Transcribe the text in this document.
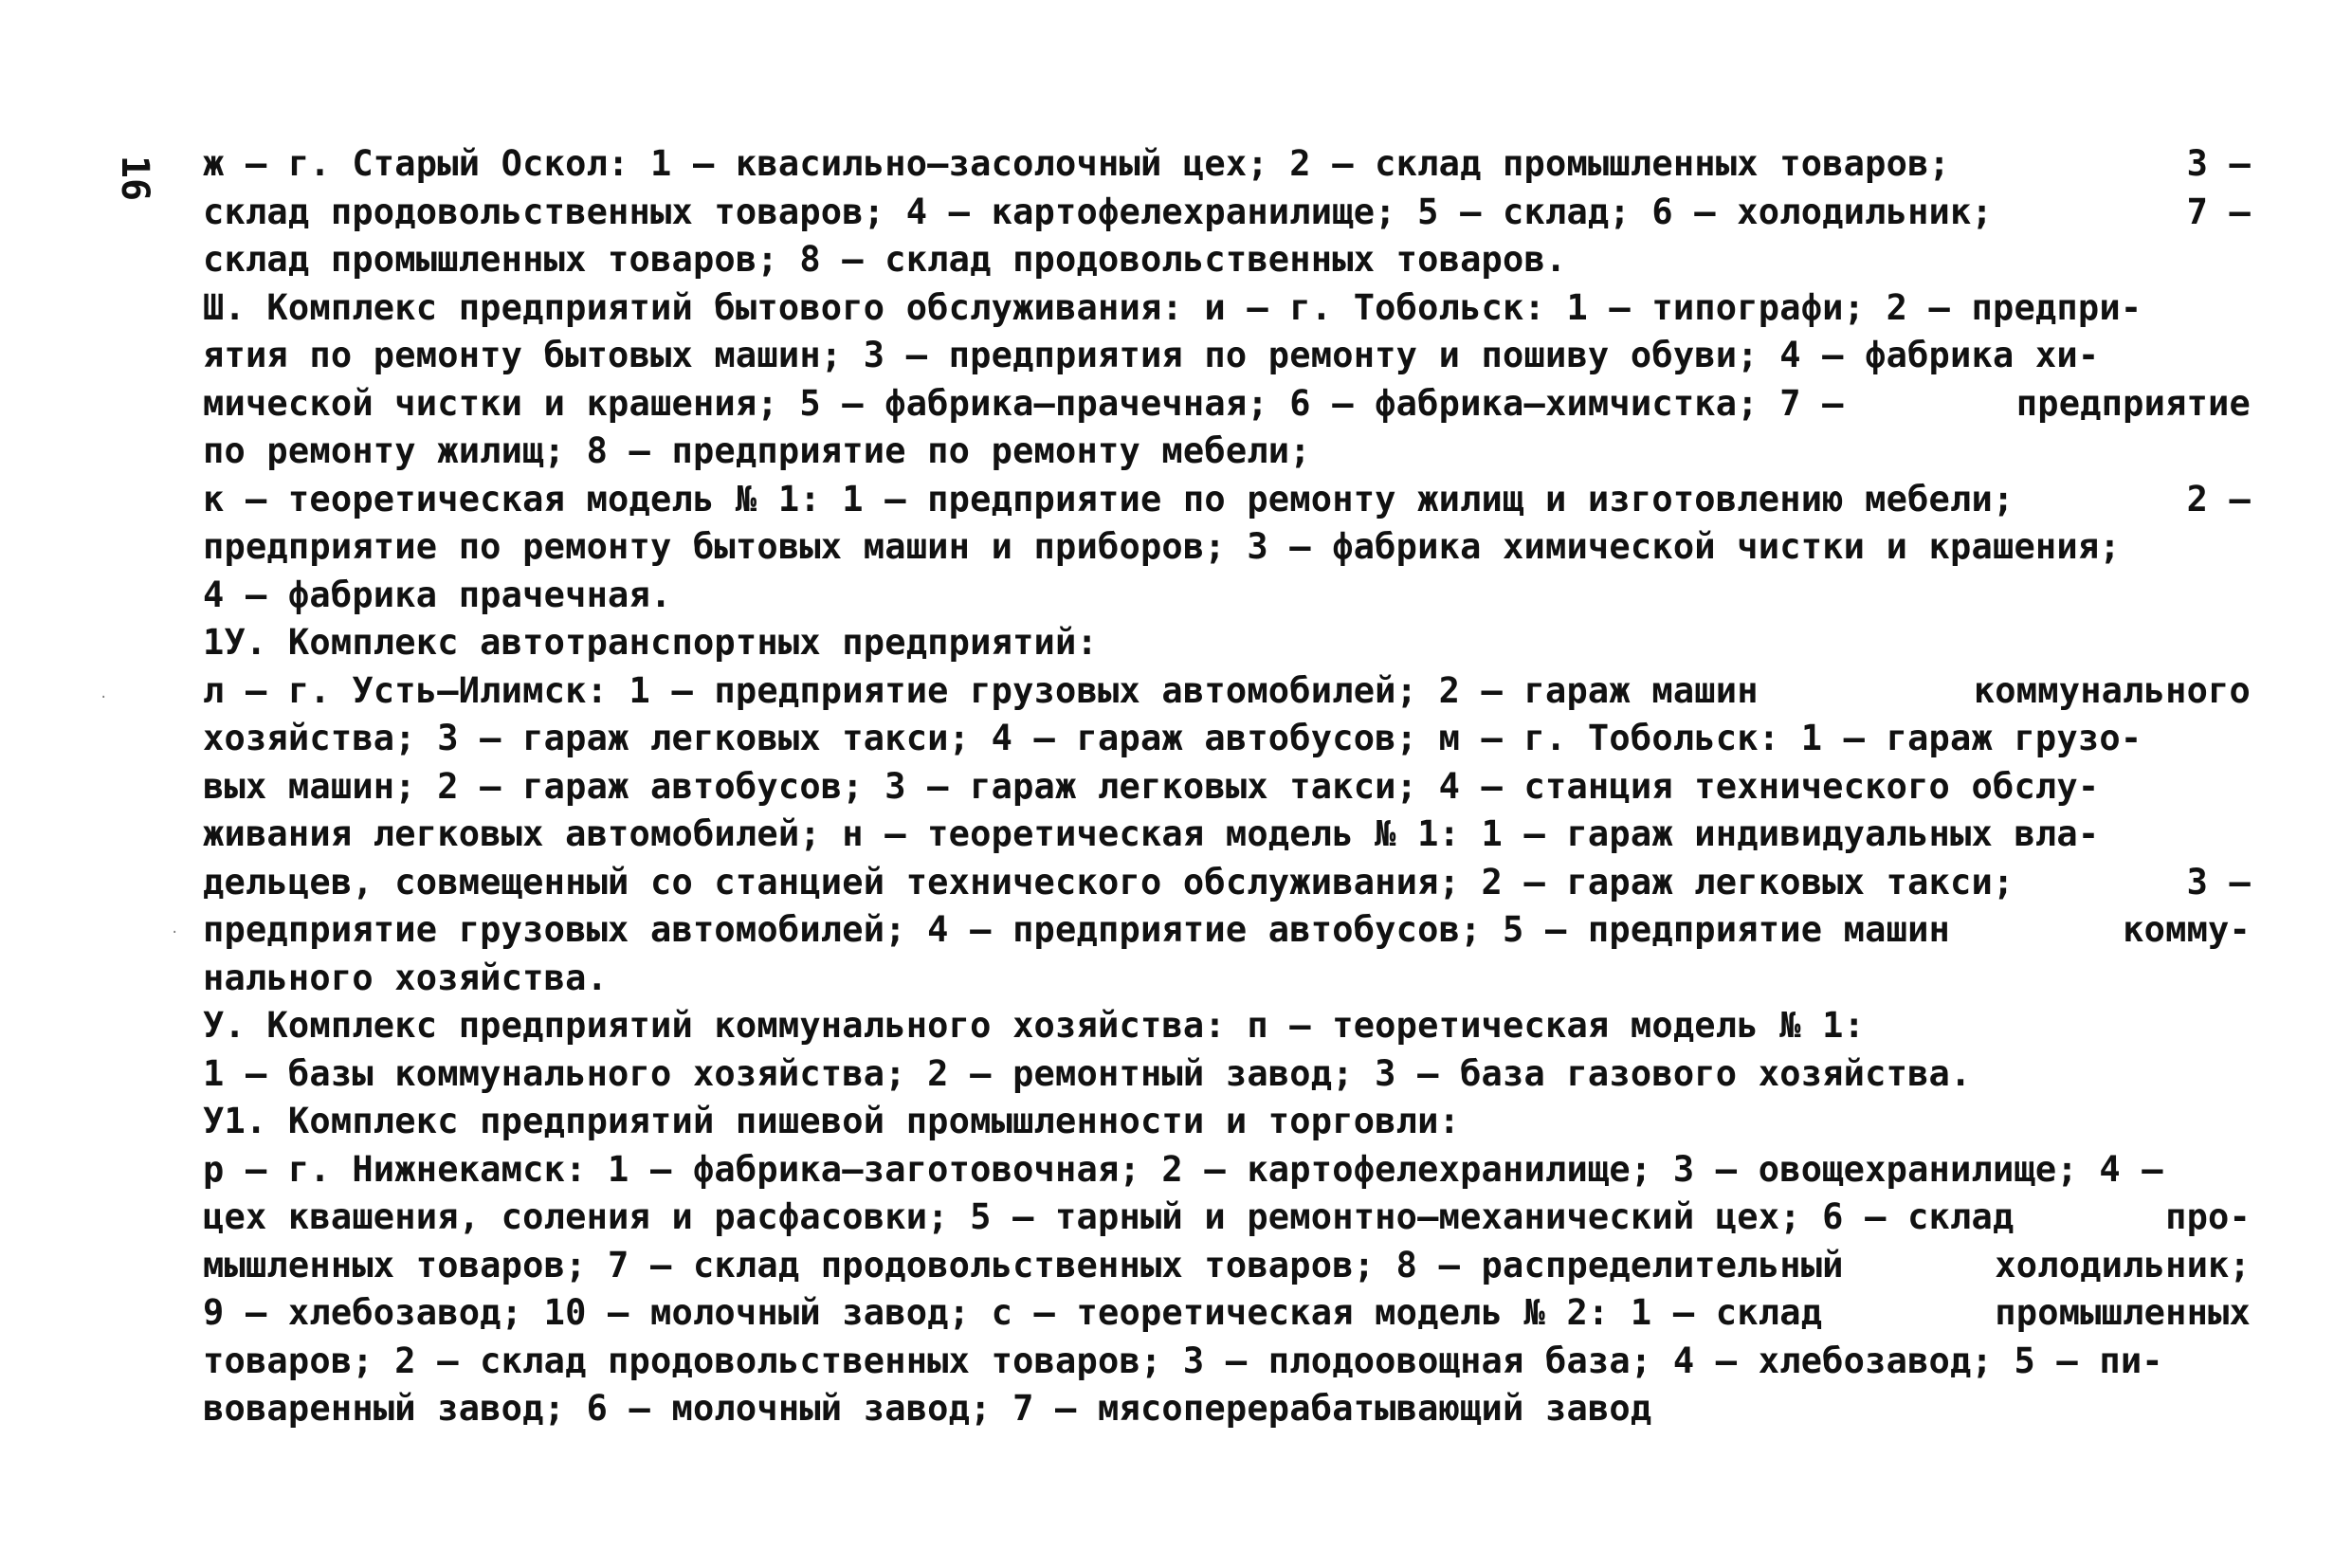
16 ж – г. Старый Оскол: 1 – квасильно–засолочный цех; 2 – склад промышленных товаров;	3 –
склад продовольственных товаров; 4 – картофелехранилище; 5 – склад; 6 – холодильник;	7 –
склад промышленных товаров; 8 – склад продовольственных товаров.
Ш. Комплекс предприятий бытового обслуживания: и – г. Тобольск: 1 – типографи; 2 – предпри-
ятия по ремонту бытовых машин; 3 – предприятия по ремонту и пошиву обуви; 4 – фабрика хи-
мической чистки и крашения; 5 – фабрика–прачечная; 6 – фабрика–химчистка; 7 –	предприятие
по ремонту жилищ; 8 – предприятие по ремонту мебели;
к – теоретическая модель № 1: 1 – предприятие по ремонту жилищ и изготовлению мебели;	2 –
предприятие по ремонту бытовых машин и приборов; 3 – фабрика химической чистки и крашения;
4 – фабрика прачечная.
1У. Комплекс автотранспортных предприятий:
л – г. Усть–Илимск: 1 – предприятие грузовых автомобилей; 2 – гараж машин	коммунального
хозяйства; 3 – гараж легковых такси; 4 – гараж автобусов; м – г. Тобольск: 1 – гараж грузо-
вых машин; 2 – гараж автобусов; 3 – гараж легковых такси; 4 – станция технического обслу-
живания легковых автомобилей; н – теоретическая модель № 1: 1 – гараж индивидуальных вла-
дельцев, совмещенный со станцией технического обслуживания; 2 – гараж легковых такси;	3 –
предприятие грузовых автомобилей; 4 – предприятие автобусов; 5 – предприятие машин	комму-
нального хозяйства.
У. Комплекс предприятий коммунального хозяйства: п – теоретическая модель № 1:
1 – базы коммунального хозяйства; 2 – ремонтный завод; 3 – база газового хозяйства.
У1. Комплекс предприятий пишевой промышленности и торговли:
р – г. Нижнекамск: 1 – фабрика–заготовочная; 2 – картофелехранилище; 3 – овощехранилище; 4 –
цех квашения, соления и расфасовки; 5 – тарный и ремонтно–механический цех; 6 – склад	про-
мышленных товаров; 7 – склад продовольственных товаров; 8 – распределительный	холодильник;
9 – хлебозавод; 10 – молочный завод; с – теоретическая модель № 2: 1 – склад	промышленных
товаров; 2 – склад продовольственных товаров; 3 – плодоовощная база; 4 – хлебозавод; 5 – пи-
воваренный завод; 6 – молочный завод; 7 – мясоперерабатывающий завод
·
·
